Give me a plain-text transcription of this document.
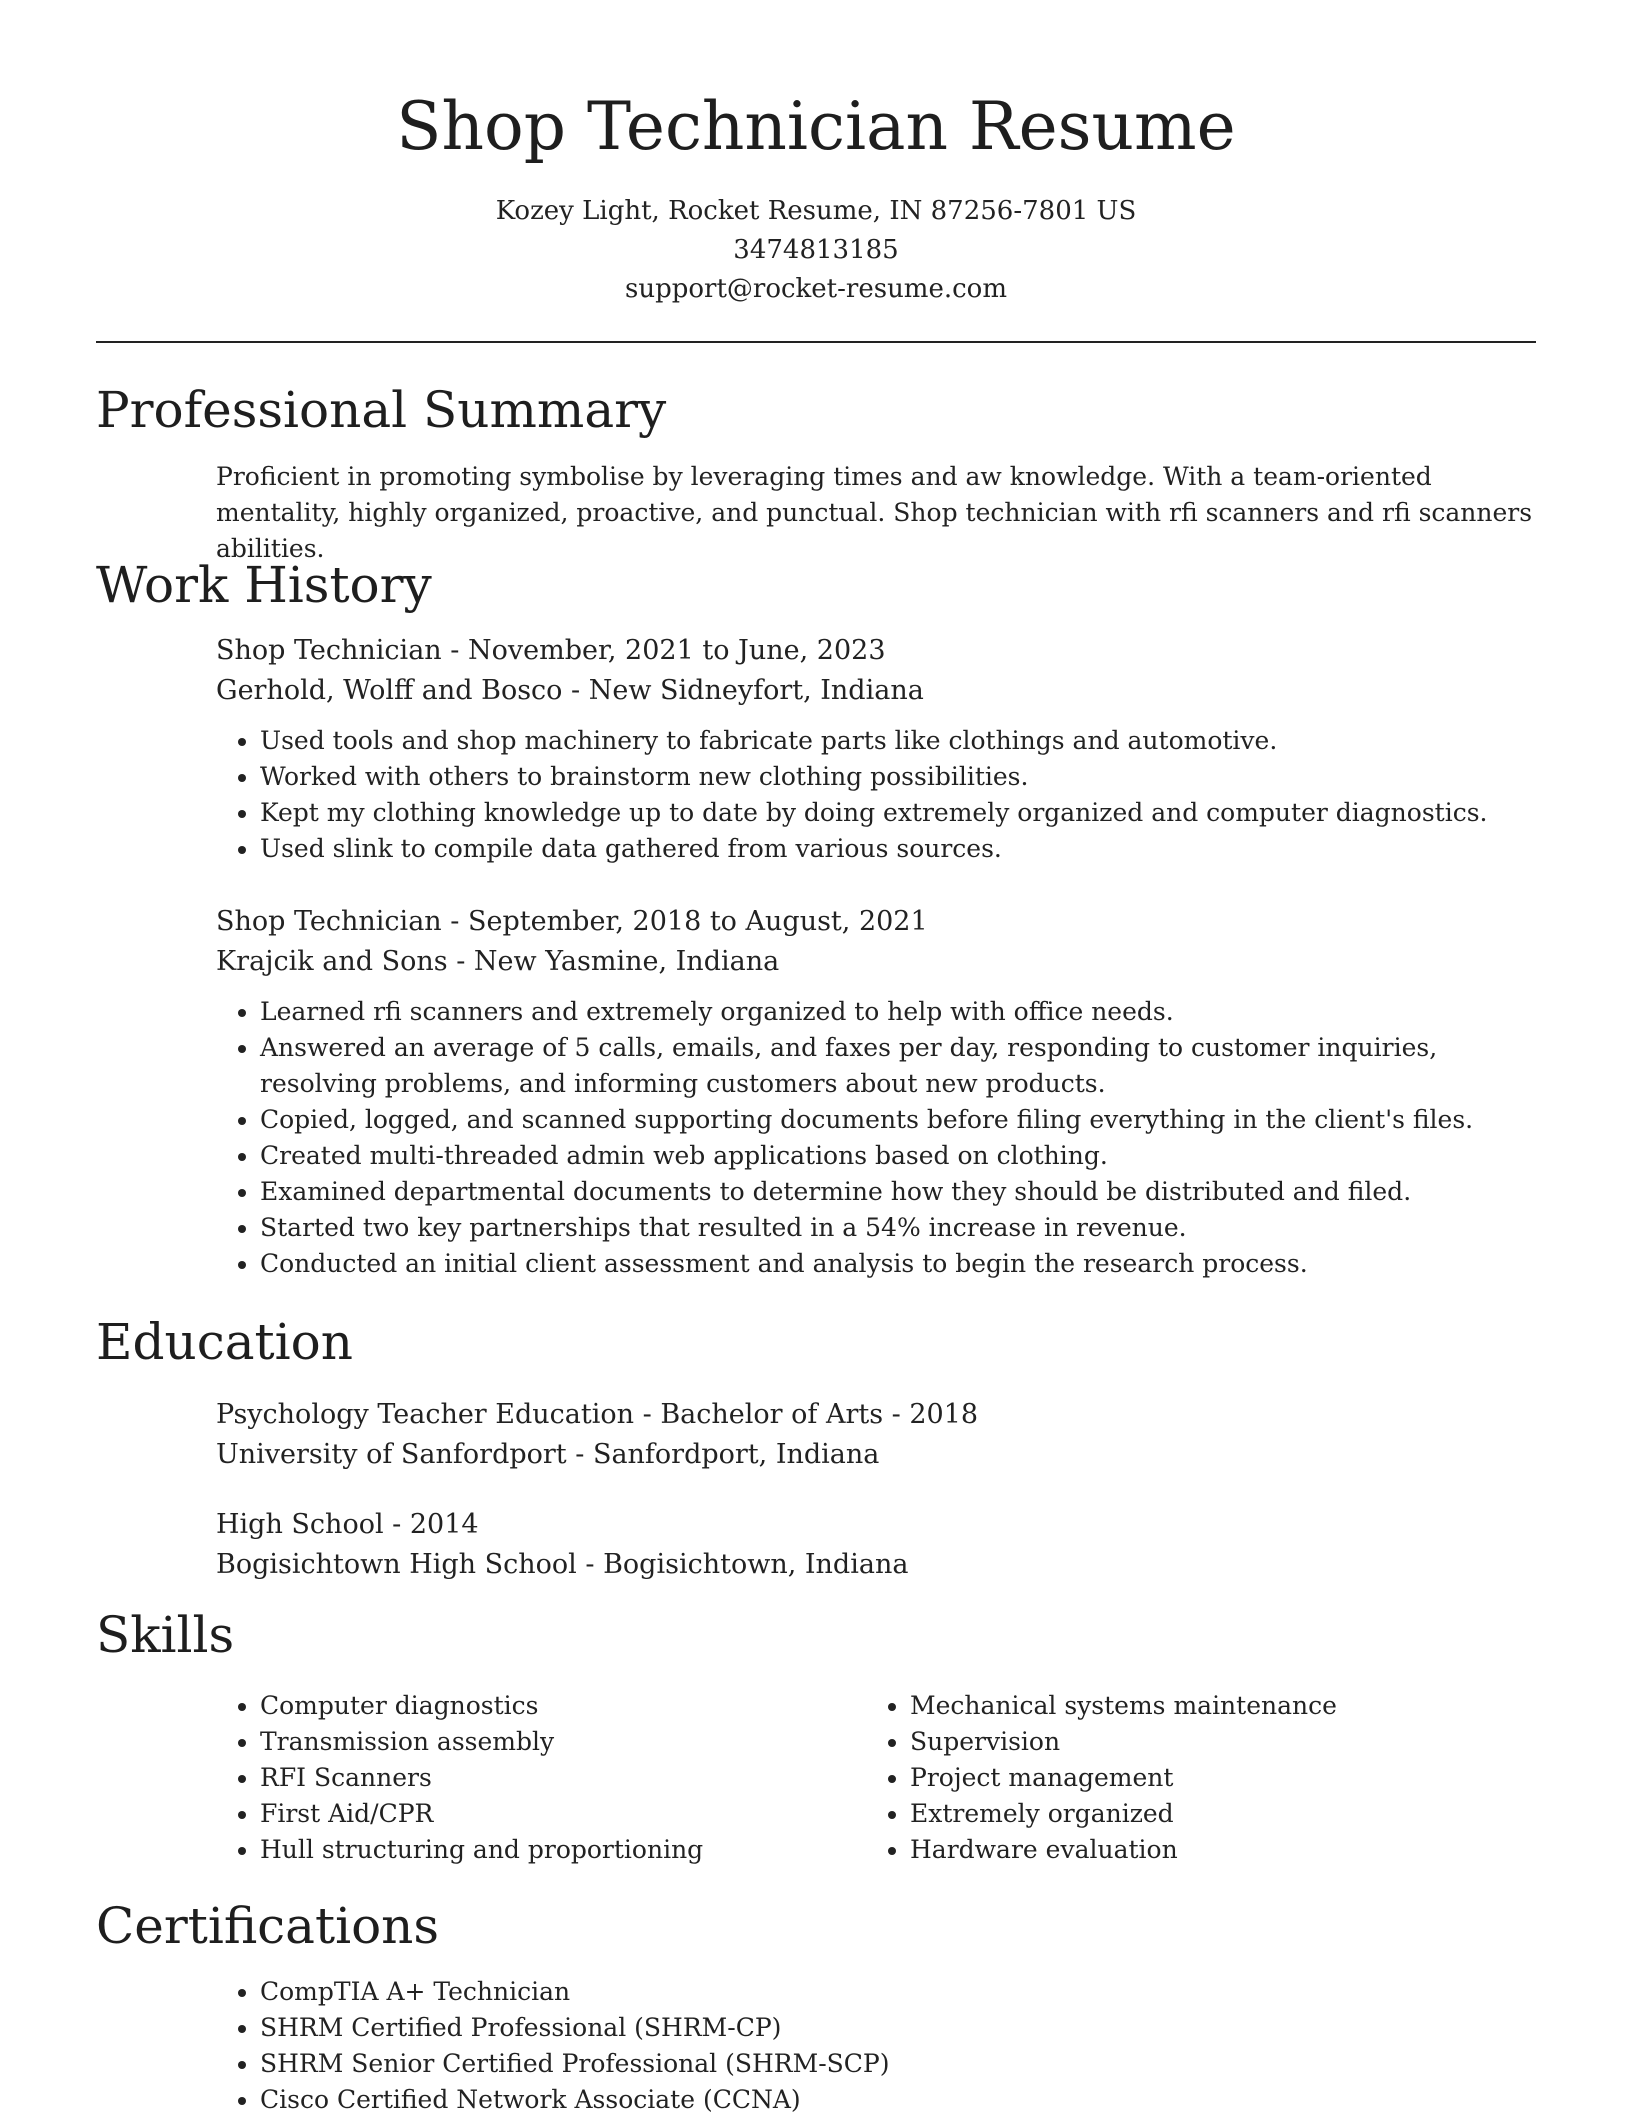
Shop Technician Resume
Kozey Light, Rocket Resume, IN 87256-7801 US
3474813185
support@rocket-resume.com
Professional Summary

Proficient in promoting symbolise by leveraging times and aw knowledge. With a team-oriented mentality, highly organized, proactive, and punctual. Shop technician with rfi scanners and rfi scanners abilities.

Work History
Shop Technician - November, 2021 to June, 2023
Gerhold, Wolff and Bosco - New Sidneyfort, Indiana
• Used tools and shop machinery to fabricate parts like clothings and automotive.
• Worked with others to brainstorm new clothing possibilities.
• Kept my clothing knowledge up to date by doing extremely organized and computer diagnostics.
• Used slink to compile data gathered from various sources.
Shop Technician - September, 2018 to August, 2021
Krajcik and Sons - New Yasmine, Indiana
• Learned rfi scanners and extremely organized to help with office needs.
• Answered an average of 5 calls, emails, and faxes per day, responding to customer inquiries, resolving problems, and informing customers about new products.
• Copied, logged, and scanned supporting documents before filing everything in the client's files.
• Created multi-threaded admin web applications based on clothing.
• Examined departmental documents to determine how they should be distributed and filed.
• Started two key partnerships that resulted in a 54% increase in revenue.
• Conducted an initial client assessment and analysis to begin the research process.
Education
Psychology Teacher Education - Bachelor of Arts - 2018
University of Sanfordport - Sanfordport, Indiana
High School - 2014
Bogisichtown High School - Bogisichtown, Indiana
Skills
• Computer diagnostics
• Transmission assembly
• RFI Scanners
• First Aid/CPR
• Hull structuring and proportioning
• Mechanical systems maintenance
• Supervision
• Project management
• Extremely organized
• Hardware evaluation
Certifications
• CompTIA A+ Technician
• SHRM Certified Professional (SHRM-CP)
• SHRM Senior Certified Professional (SHRM-SCP)
• Cisco Certified Network Associate (CCNA)
